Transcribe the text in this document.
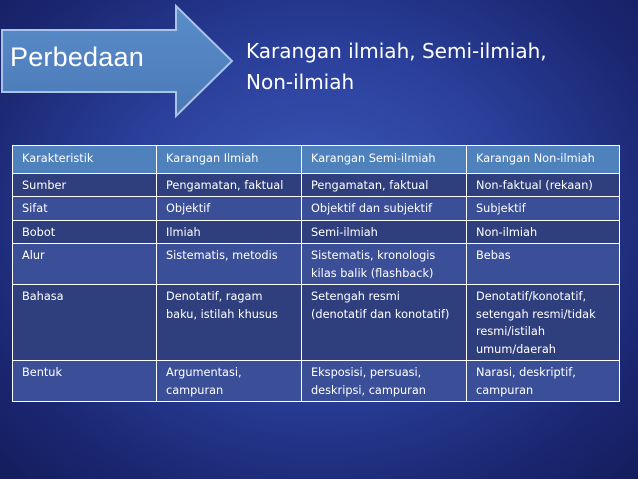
Perbedaan	Karangan ilmiah, Semi-ilmiah,
Non-ilmiah
Karakteristik	Karangan Ilmiah	Karangan Semi-ilmiah	Karangan Non-ilmiah
Sumber	Pengamatan, faktual	Pengamatan, faktual	Non-faktual (rekaan)
Sifat	Objektif	Objektif dan subjektif	Subjektif
Bobot	Ilmiah	Semi-ilmiah	Non-ilmiah
Alur	Sistematis, metodis	Sistematis, kronologis kilas balik (flashback)	Bebas
Bahasa	Denotatif, ragam baku, istilah khusus	Setengah resmi (denotatif dan konotatif)	Denotatif/konotatif, setengah resmi/tidak resmi/istilah umum/daerah
Bentuk	Argumentasi, campuran	Eksposisi, persuasi, deskripsi, campuran	Narasi, deskriptif, campuran
